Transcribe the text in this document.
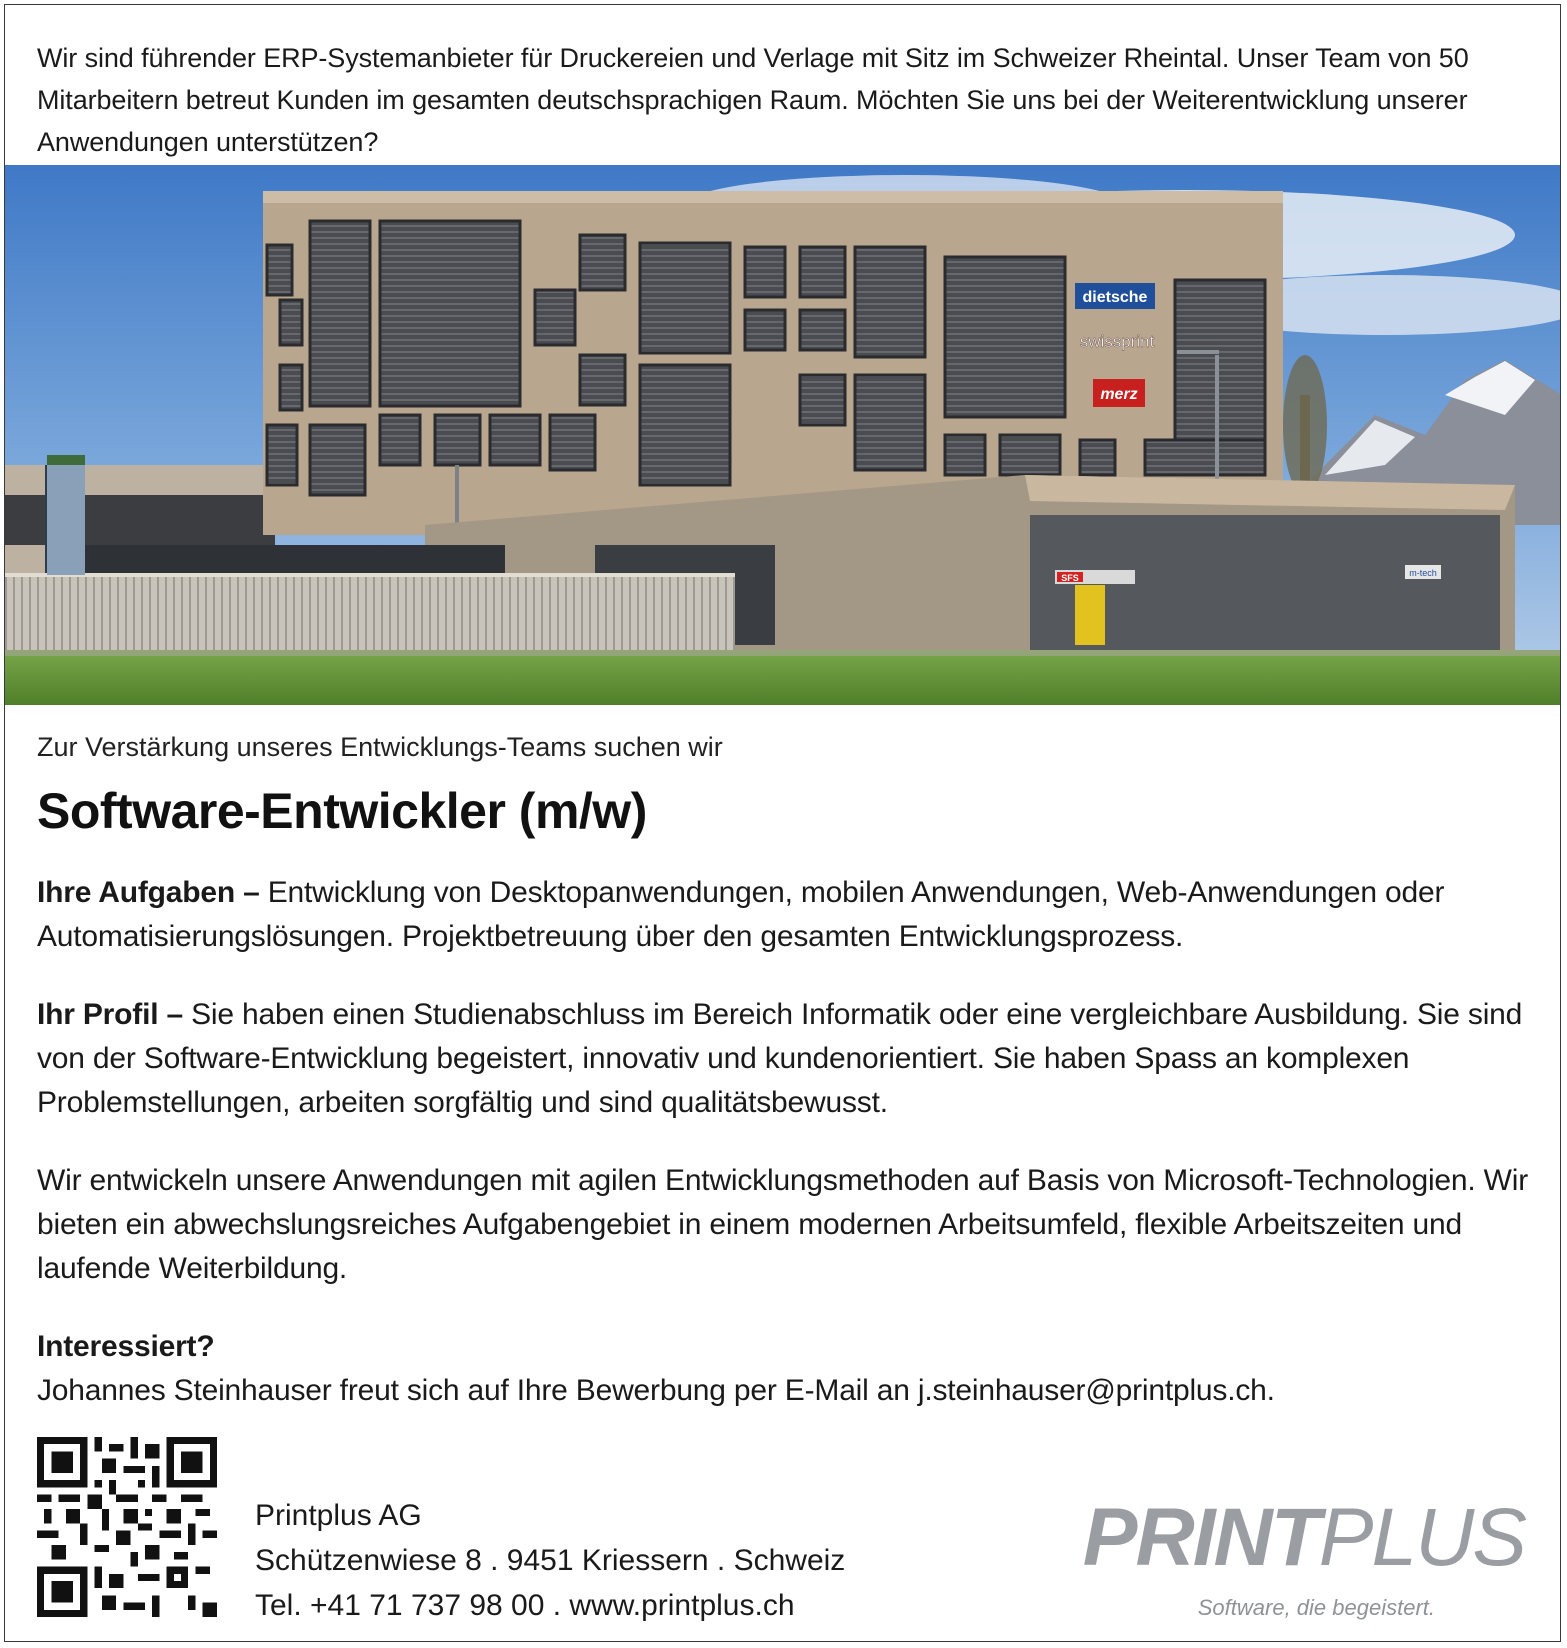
Wir sind führender ERP-Systemanbieter für Druckereien und Verlage mit Sitz im Schweizer Rheintal. Unser Team von 50 Mitarbeitern betreut Kunden im gesamten deutschsprachigen Raum. Möchten Sie uns bei der Weiterentwicklung unserer Anwendungen unterstützen?

dietsche
swissprint
merz
SFS	m-tech
Zur Verstärkung unseres Entwicklungs-Teams suchen wir
Software-Entwickler (m/w)

Ihre Aufgaben – Entwicklung von Desktopanwendungen, mobilen Anwendungen, Web-Anwendungen oder Automatisierungslösungen. Projektbetreuung über den gesamten Entwicklungsprozess.

Ihr Profil – Sie haben einen Studienabschluss im Bereich Informatik oder eine vergleichbare Ausbildung. Sie sind von der Software-Entwicklung begeistert, innovativ und kundenorientiert. Sie haben Spass an komplexen Problemstellungen, arbeiten sorgfältig und sind qualitätsbewusst.

Wir entwickeln unsere Anwendungen mit agilen Entwicklungsmethoden auf Basis von Microsoft-Technologien. Wir bieten ein abwechslungsreiches Aufgabengebiet in einem modernen Arbeitsumfeld, flexible Arbeitszeiten und laufende Weiterbildung.

Interessiert?
Johannes Steinhauser freut sich auf Ihre Bewerbung per E-Mail an j.steinhauser@printplus.ch.
Printplus AG
Schützenwiese 8 . 9451 Kriessern . Schweiz
Tel. +41 71 737 98 00 . www.printplus.ch
PRINTPLUS
Software, die begeistert.
